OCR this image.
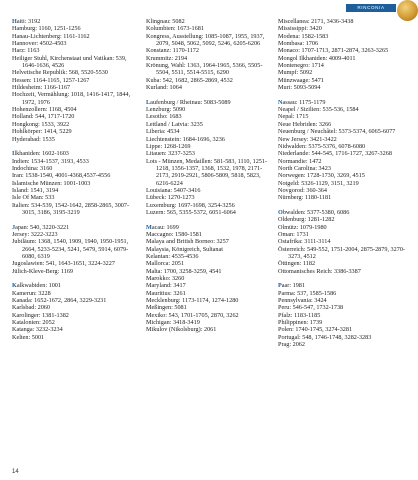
RINCONIA

Haiti: 3192

Hamburg: 1160, 1251-1256

Hanau-Lichtenberg: 1161-1162

Hannover: 4502-4503

Harz: 1163

Heiliger Stuhl, Kirchenstaat und Vatikan: 539, 1646-1636, 4526

Helvetische Republik: 568, 5520-5530

Hessen: 1164-1165, 1257-1267

Hildesheim: 1166-1167

Hochzeit, Vermählung: 1018, 1416-1417, 1844, 1972, 1976

Hohenzollern: 1168, 4504

Holland: 544, 1717-1720

Hongkong: 1533, 3922

Hohlkörper: 1414, 5229

Hyderabad: 1535

Ilkhaniden: 1602-1603

Indien: 1534-1537, 3193, 4533

Indochina: 3160

Iran: 1538-1540, 4001-4368,4537-4556

Islamische Münzen: 1001-1003

Island: 1541, 3194

Isle Of Man: 533

Italien: 534-539, 1542-1642, 2858-2865, 3007-3015, 3186, 3195-3219

Japan: 540, 3220-3221

Jersey: 3222-3223

Jubiläum: 1368, 1540, 1909, 1940, 1950-1951, 2664, 5233-5234, 5241, 5479, 5914, 6079-6080, 6319

Jugoslawien: 541, 1643-1651, 3224-3227

Jülich-Kleve-Berg: 1169

Kalkwabiden: 1001

Kamerun: 3228

Kanada: 1652-1672, 2864, 3229-3231

Karlsbad: 2060

Karolinger: 1381-1382

Katalonien: 2052

Katanga: 3232-3234

Kelten: 5001

Klingnau: 5082

Kolumbien: 1673-1681

Kongress, Ausstellung: 1085-1087, 1955, 1937, 2079, 5048, 5062, 5092, 5246, 6205-6206

Konstanz: 1170-1172

Krummitz: 2194

Krönung, Wahl: 1363, 1964-1965, 5366, 5505-5504, 5511, 5514-5515, 6290

Kuba: 542, 1682, 2865-2869, 4532

Kurland: 1064

Laufenburg / Rheinau: 5083-5089

Lenzburg: 5090

Lesotho: 1683

Lettland / Latvia: 3235

Liberia: 4534

Liechtenstein: 1684-1696, 3236

Lippe: 1268-1269

Litauen: 3237-3253

Lots - Münzen, Medaillen: 581-583, 1110, 1251-1218, 1356-1357, 1368, 1532, 1978, 2171-2173, 2919-2921, 5806-5809, 5818, 5823, 6216-6224

Louisiana: 5407-3416

Lübeck: 1270-1273

Luxemburg: 1697-1698, 3254-3256

Luzern: 565, 5355-5372, 6051-6064

Macau: 1699

Maccagno: 1580-1581

Malaya and British Borneo: 3257

Malaysia, Königreich, Sultanat

Kelantan: 4535-4536

Mallorca: 2051

Malta: 1700, 3258-3259, 4541

Marokko: 3260

Maryland: 3417

Mauritius: 3261

Mecklenburg: 1173-1174, 1274-1280

Meßingen: 5081

Mexiko: 543, 1701-1705, 2870, 3262

Michigan: 3418-3419

Mikulov (Nikolsburg): 2061

Miscellanea: 2171, 3436-3438

Mississippi: 3420

Modena: 1582-1583

Mombasa: 1706

Monaco: 1707-1713, 2871-2874, 3263-3265

Mongol Ilkhaniden: 4009-4011

Montenegro: 1714

Mumpf: 5092

Münzwaage: 5471

Muri: 5093-5094

Nassau: 1175-1179

Neapel / Sizilien: 535-536, 1584

Nepal: 1715

Neue Hebriden: 3266

Neuenburg / Neuchâtel: 5373-5374, 6065-6077

New Jersey: 3421-3422

Nidwalden: 5375-5376, 6078-6080

Niederlande: 544-545, 1716-1727, 3267-3268

Normandie: 1472

North Carolina: 3423

Norwegen: 1728-1730, 3269, 4515

Notgeld: 5326-1129, 3151, 3219

Novgorod: 360-364

Nürnberg: 1180-1181

Obwalden: 5377-5380, 6086

Oldenburg: 1281-1282

Olmütz: 1079-1980

Oman: 1731

Ostafrika: 3111-3114

Österreich: 549-552, 1751-2004, 2875-2879, 3270-3273, 4512

Öttingen: 1182

Ottomanisches Reich: 3386-3387

Paar: 1981

Parma: 537, 1585-1586

Pennsylvania: 3424

Peru: 546-547, 1732-1738

Pfalz: 1183-1185

Philippinen: 1739

Polen: 1740-1745, 3274-3281

Portugal: 548, 1746-1748, 3282-3283

Prag: 2062

14
